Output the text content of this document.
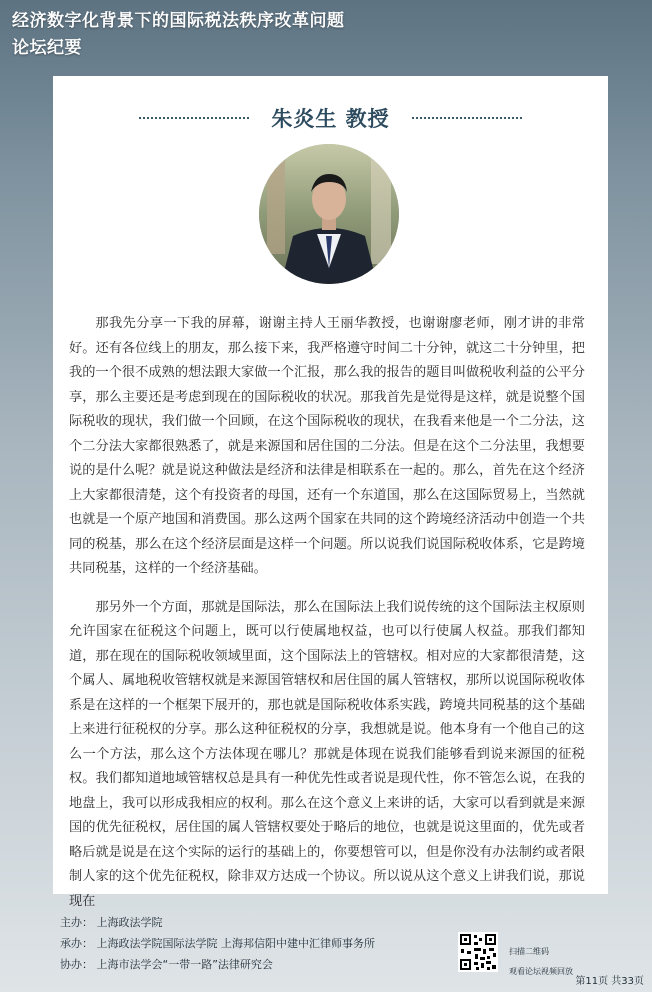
经济数字化背景下的国际税法秩序改革问题
论坛纪要
朱炎生 教授

那我先分享一下我的屏幕，谢谢主持人王丽华教授，也谢谢廖老师，刚才讲的非常好。还有各位线上的朋友，那么接下来，我严格遵守时间二十分钟，就这二十分钟里，把我的一个很不成熟的想法跟大家做一个汇报，那么我的报告的题目叫做税收利益的公平分享，那么主要还是考虑到现在的国际税收的状况。那我首先是觉得是这样，就是说整个国际税收的现状，我们做一个回顾，在这个国际税收的现状，在我看来他是一个二分法，这个二分法大家都很熟悉了，就是来源国和居住国的二分法。但是在这个二分法里，我想要说的是什么呢？就是说这种做法是经济和法律是相联系在一起的。那么，首先在这个经济上大家都很清楚，这个有投资者的母国，还有一个东道国，那么在这国际贸易上，当然就也就是一个原产地国和消费国。那么这两个国家在共同的这个跨境经济活动中创造一个共同的税基，那么在这个经济层面是这样一个问题。所以说我们说国际税收体系，它是跨境共同税基，这样的一个经济基础。

那另外一个方面，那就是国际法，那么在国际法上我们说传统的这个国际法主权原则允许国家在征税这个问题上，既可以行使属地权益，也可以行使属人权益。那我们都知道，那在现在的国际税收领域里面，这个国际法上的管辖权。相对应的大家都很清楚，这个属人、属地税收管辖权就是来源国管辖权和居住国的属人管辖权，那所以说国际税收体系是在这样的一个框架下展开的，那也就是国际税收体系实践，跨境共同税基的这个基础上来进行征税权的分享。那么这种征税权的分享，我想就是说。他本身有一个他自己的这么一个方法，那么这个方法体现在哪儿？那就是体现在说我们能够看到说来源国的征税权。我们都知道地域管辖权总是具有一种优先性或者说是现代性，你不管怎么说，在我的地盘上，我可以形成我相应的权利。那么在这个意义上来讲的话，大家可以看到就是来源国的优先征税权，居住国的属人管辖权要处于略后的地位，也就是说这里面的，优先或者略后就是说是在这个实际的运行的基础上的，你要想管可以，但是你没有办法制约或者限制人家的这个优先征税权，除非双方达成一个协议。所以说从这个意义上讲我们说，那说现在

主办： 上海政法学院
承办： 上海政法学院国际法学院 上海邦信阳中建中汇律师事务所
协办： 上海市法学会“一带一路”法律研究会
扫描二维码
观看论坛视频回放
第11页 共33页
